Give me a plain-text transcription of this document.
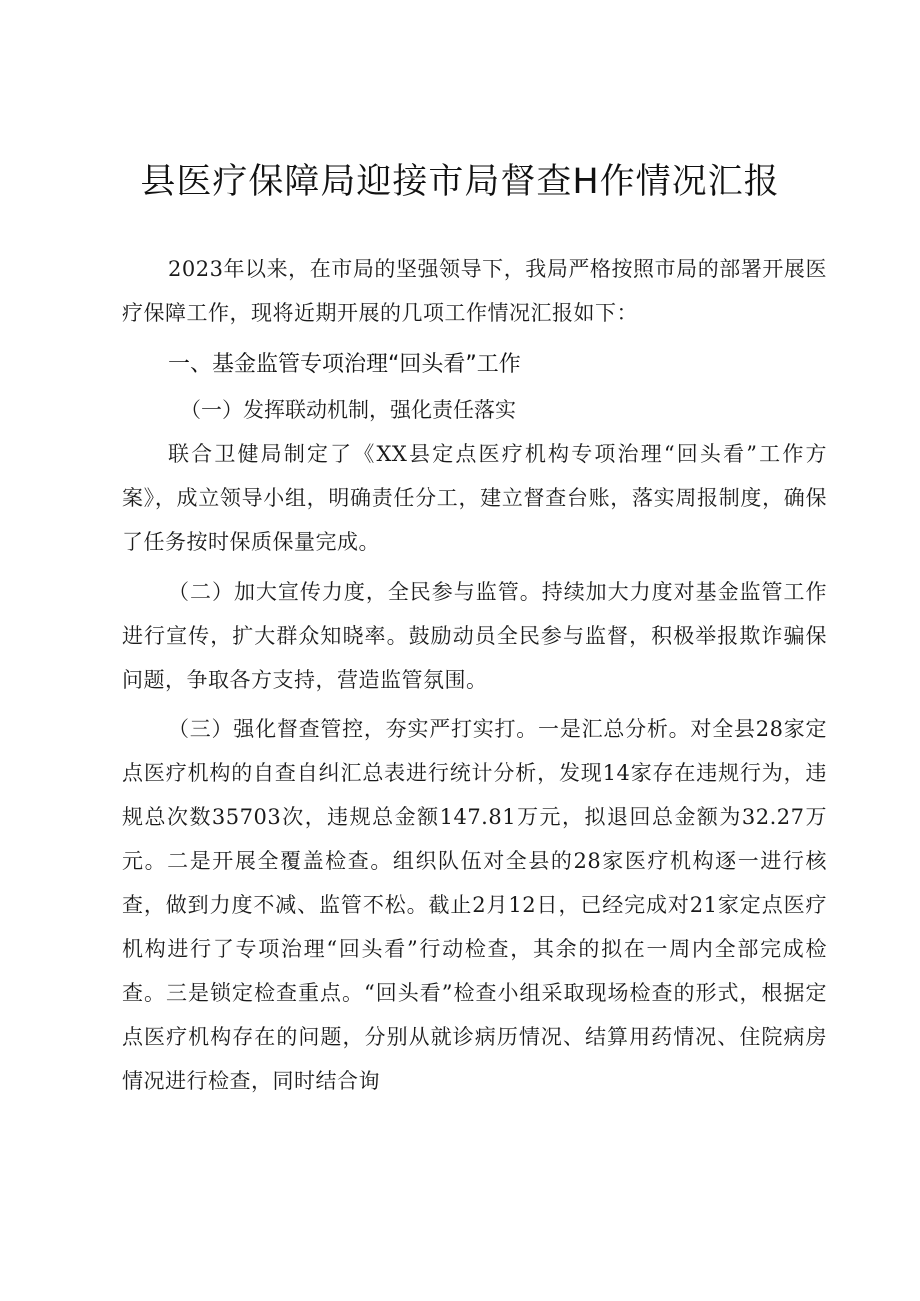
县医疗保障局迎接市局督查H作情况汇报

2023年以来，在市局的坚强领导下，我局严格按照市局的部署开展医疗保障工作，现将近期开展的几项工作情况汇报如下：

一、基金监管专项治理“回头看”工作
（一）发挥联动机制，强化责任落实

联合卫健局制定了《XX县定点医疗机构专项治理“回头看”工作方案》，成立领导小组，明确责任分工，建立督查台账，落实周报制度，确保了任务按时保质保量完成。

（二）加大宣传力度，全民参与监管。持续加大力度对基金监管工作进行宣传，扩大群众知晓率。鼓励动员全民参与监督，积极举报欺诈骗保问题，争取各方支持，营造监管氛围。

（三）强化督查管控，夯实严打实打。一是汇总分析。对全县28家定点医疗机构的自查自纠汇总表进行统计分析，发现14家存在违规行为，违规总次数35703次，违规总金额147.81万元，拟退回总金额为32.27万元。二是开展全覆盖检查。组织队伍对全县的28家医疗机构逐一进行核查，做到力度不减、监管不松。截止2月12日，已经完成对21家定点医疗机构进行了专项治理“回头看”行动检查，其余的拟在一周内全部完成检查。三是锁定检查重点。“回头看”检查小组采取现场检查的形式，根据定点医疗机构存在的问题，分别从就诊病历情况、结算用药情况、住院病房情况进行检查，同时结合询
